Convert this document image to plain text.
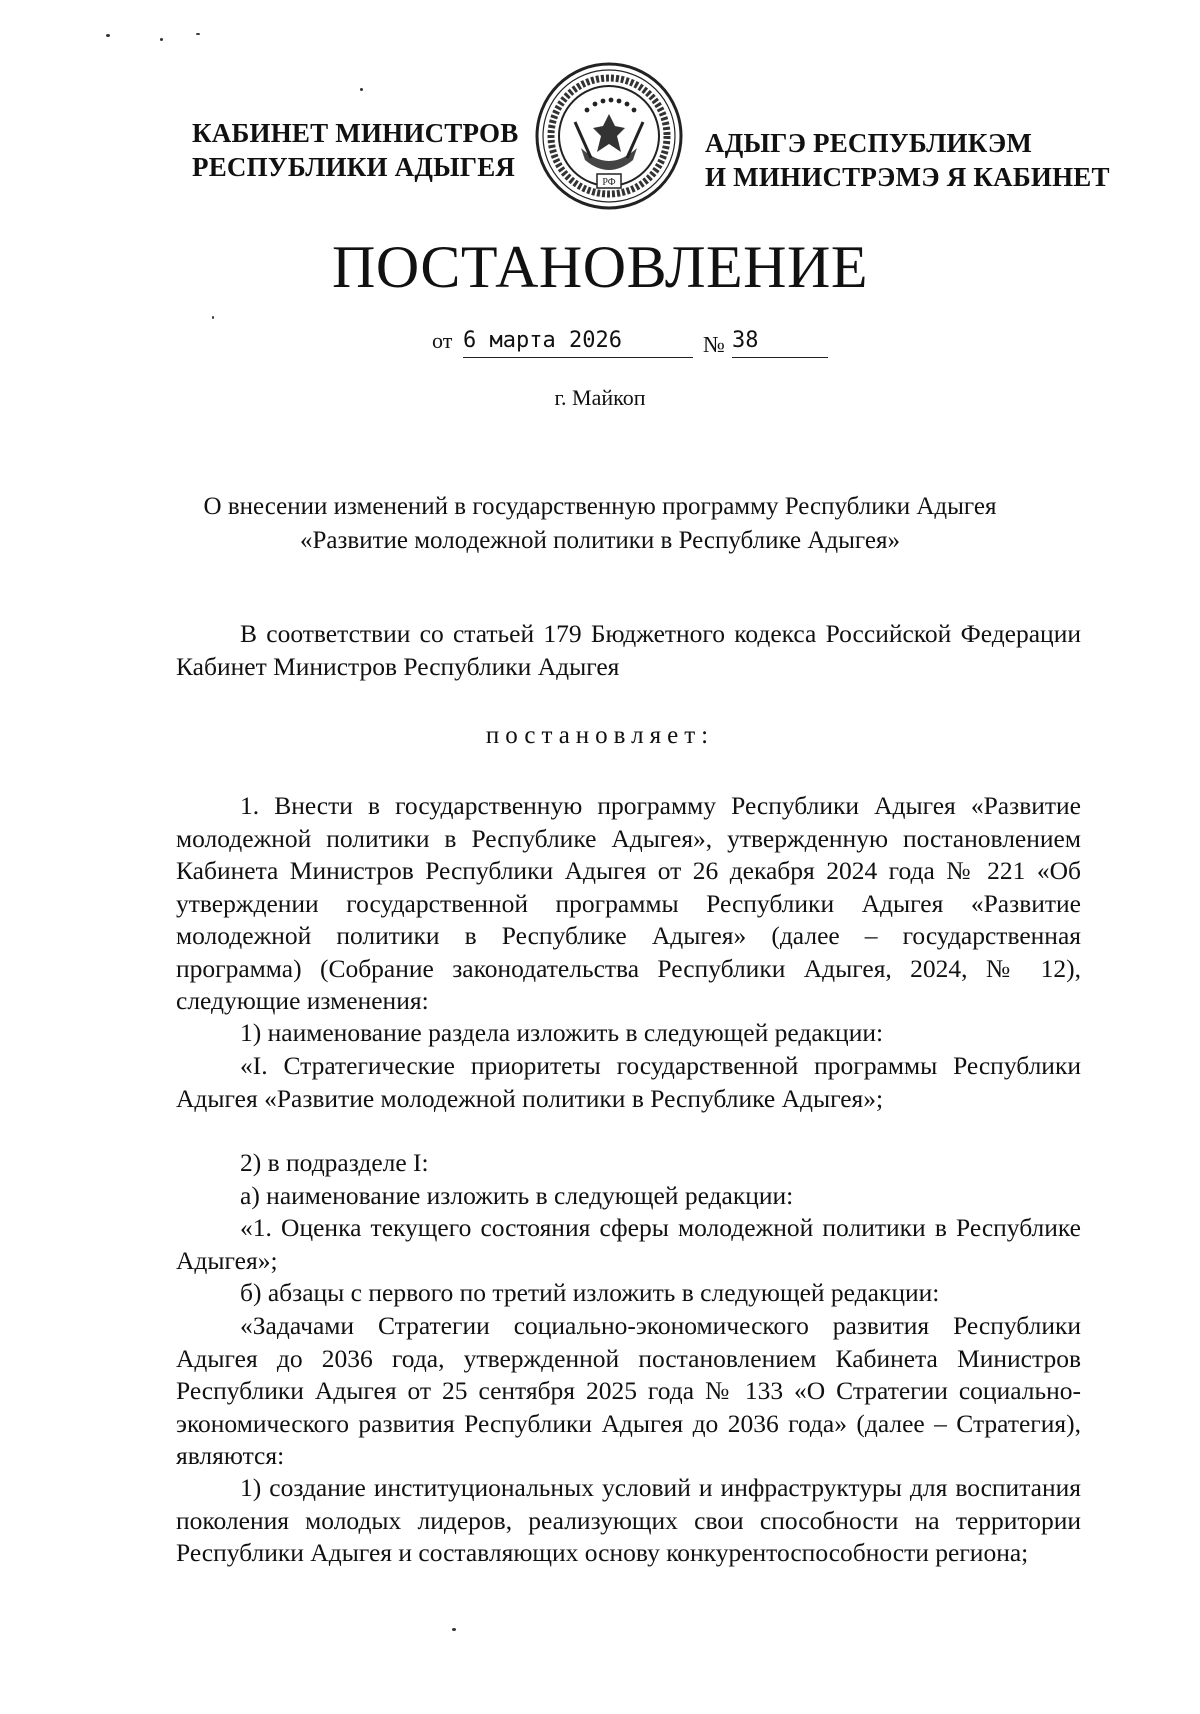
КАБИНЕТ МИНИСТРОВ
РЕСПУБЛИКИ АДЫГЕЯ
РФ
АДЫГЭ РЕСПУБЛИКЭМ
И МИНИСТРЭМЭ Я КАБИНЕТ
ПОСТАНОВЛЕНИЕ
от 6 марта 2026	№ 38
г. Майкоп
О внесении изменений в государственную программу Республики Адыгея
«Развитие молодежной политики в Республике Адыгея»
В соответствии со статьей 179 Бюджетного кодекса Российской Федерации Кабинет Министров Республики Адыгея
постановляет:
1. Внести в государственную программу Республики Адыгея «Развитие молодежной политики в Республике Адыгея», утвержденную постановлением Кабинета Министров Республики Адыгея от 26 декабря 2024 года № 221 «Об утверждении государственной программы Республики Адыгея «Развитие молодежной политики в Республике Адыгея» (далее – государственная программа) (Собрание законодательства Республики Адыгея, 2024, № 12), следующие изменения:
1) наименование раздела изложить в следующей редакции:
«I. Стратегические приоритеты государственной программы Республики Адыгея «Развитие молодежной политики в Республике Адыгея»;
2) в подразделе I:
а) наименование изложить в следующей редакции:
«1. Оценка текущего состояния сферы молодежной политики в Республике Адыгея»;
б) абзацы с первого по третий изложить в следующей редакции:
«Задачами Стратегии социально-экономического развития Республики Адыгея до 2036 года, утвержденной постановлением Кабинета Министров Республики Адыгея от 25 сентября 2025 года № 133 «О Стратегии социально-экономического развития Республики Адыгея до 2036 года» (далее – Стратегия), являются:
1) создание институциональных условий и инфраструктуры для воспитания поколения молодых лидеров, реализующих свои способности на территории Республики Адыгея и составляющих основу конкурентоспособности региона;
